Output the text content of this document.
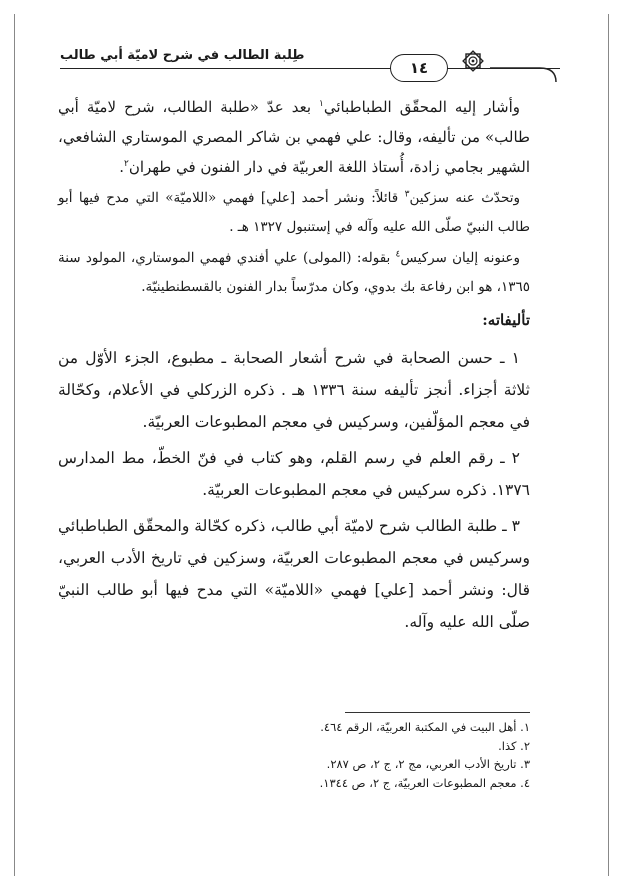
طِلبة الطالب في شرح لاميّة أبي طالب
١٤

وأشار إليه المحقّق الطباطبائي$^١$ بعد عدّ «طلبة الطالب، شرح لاميّة أبي طالب» من تأليفه، وقال: علي فهمي بن شاكر المصري الموستاري الشافعي، الشهير بجامي زادة، أُستاذ اللغة العربيّة في دار الفنون في طهران$^٢$.

وتحدّث عنه سزكين$^٣$ قائلاً: ونشر أحمد [علي] فهمي «اللاميّة» التي مدح فيها أبو طالب النبيّ صلّى الله عليه وآله في إستنبول ١٣٢٧ هـ .

وعنونه إليان سركيس$^٤$ بقوله: (المولى) علي أفندي فهمي الموستاري، المولود سنة ١٣٦٥، هو ابن رفاعة بك بدوي، وكان مدرّساً بدار الفنون بالقسطنطينيّة.

تأليفاته:

١ ـ حسن الصحابة في شرح أشعار الصحابة ـ مطبوع، الجزء الأوّل من ثلاثة أجزاء. أنجز تأليفه سنة ١٣٣٦ هـ . ذكره الزركلي في الأعلام، وكحّالة في معجم المؤلّفين، وسركيس في معجم المطبوعات العربيّة.

٢ ـ رقم العلم في رسم القلم، وهو كتاب في فنّ الخطّ، مط المدارس ١٣٧٦. ذكره سركيس في معجم المطبوعات العربيّة.

٣ ـ طلبة الطالب شرح لاميّة أبي طالب، ذكره كحّالة والمحقّق الطباطبائي وسركيس في معجم المطبوعات العربيّة، وسزكين في تاريخ الأدب العربي، قال: ونشر أحمد [علي] فهمي «اللاميّة» التي مدح فيها أبو طالب النبيّ صلّى الله عليه وآله.

١. أهل البيت في المكتبة العربيّة، الرقم ٤٦٤.

٢. كذا.

٣. تاريخ الأدب العربي، مج ٢، ج ٢، ص ٢٨٧.

٤. معجم المطبوعات العربيّة، ج ٢، ص ١٣٤٤.
